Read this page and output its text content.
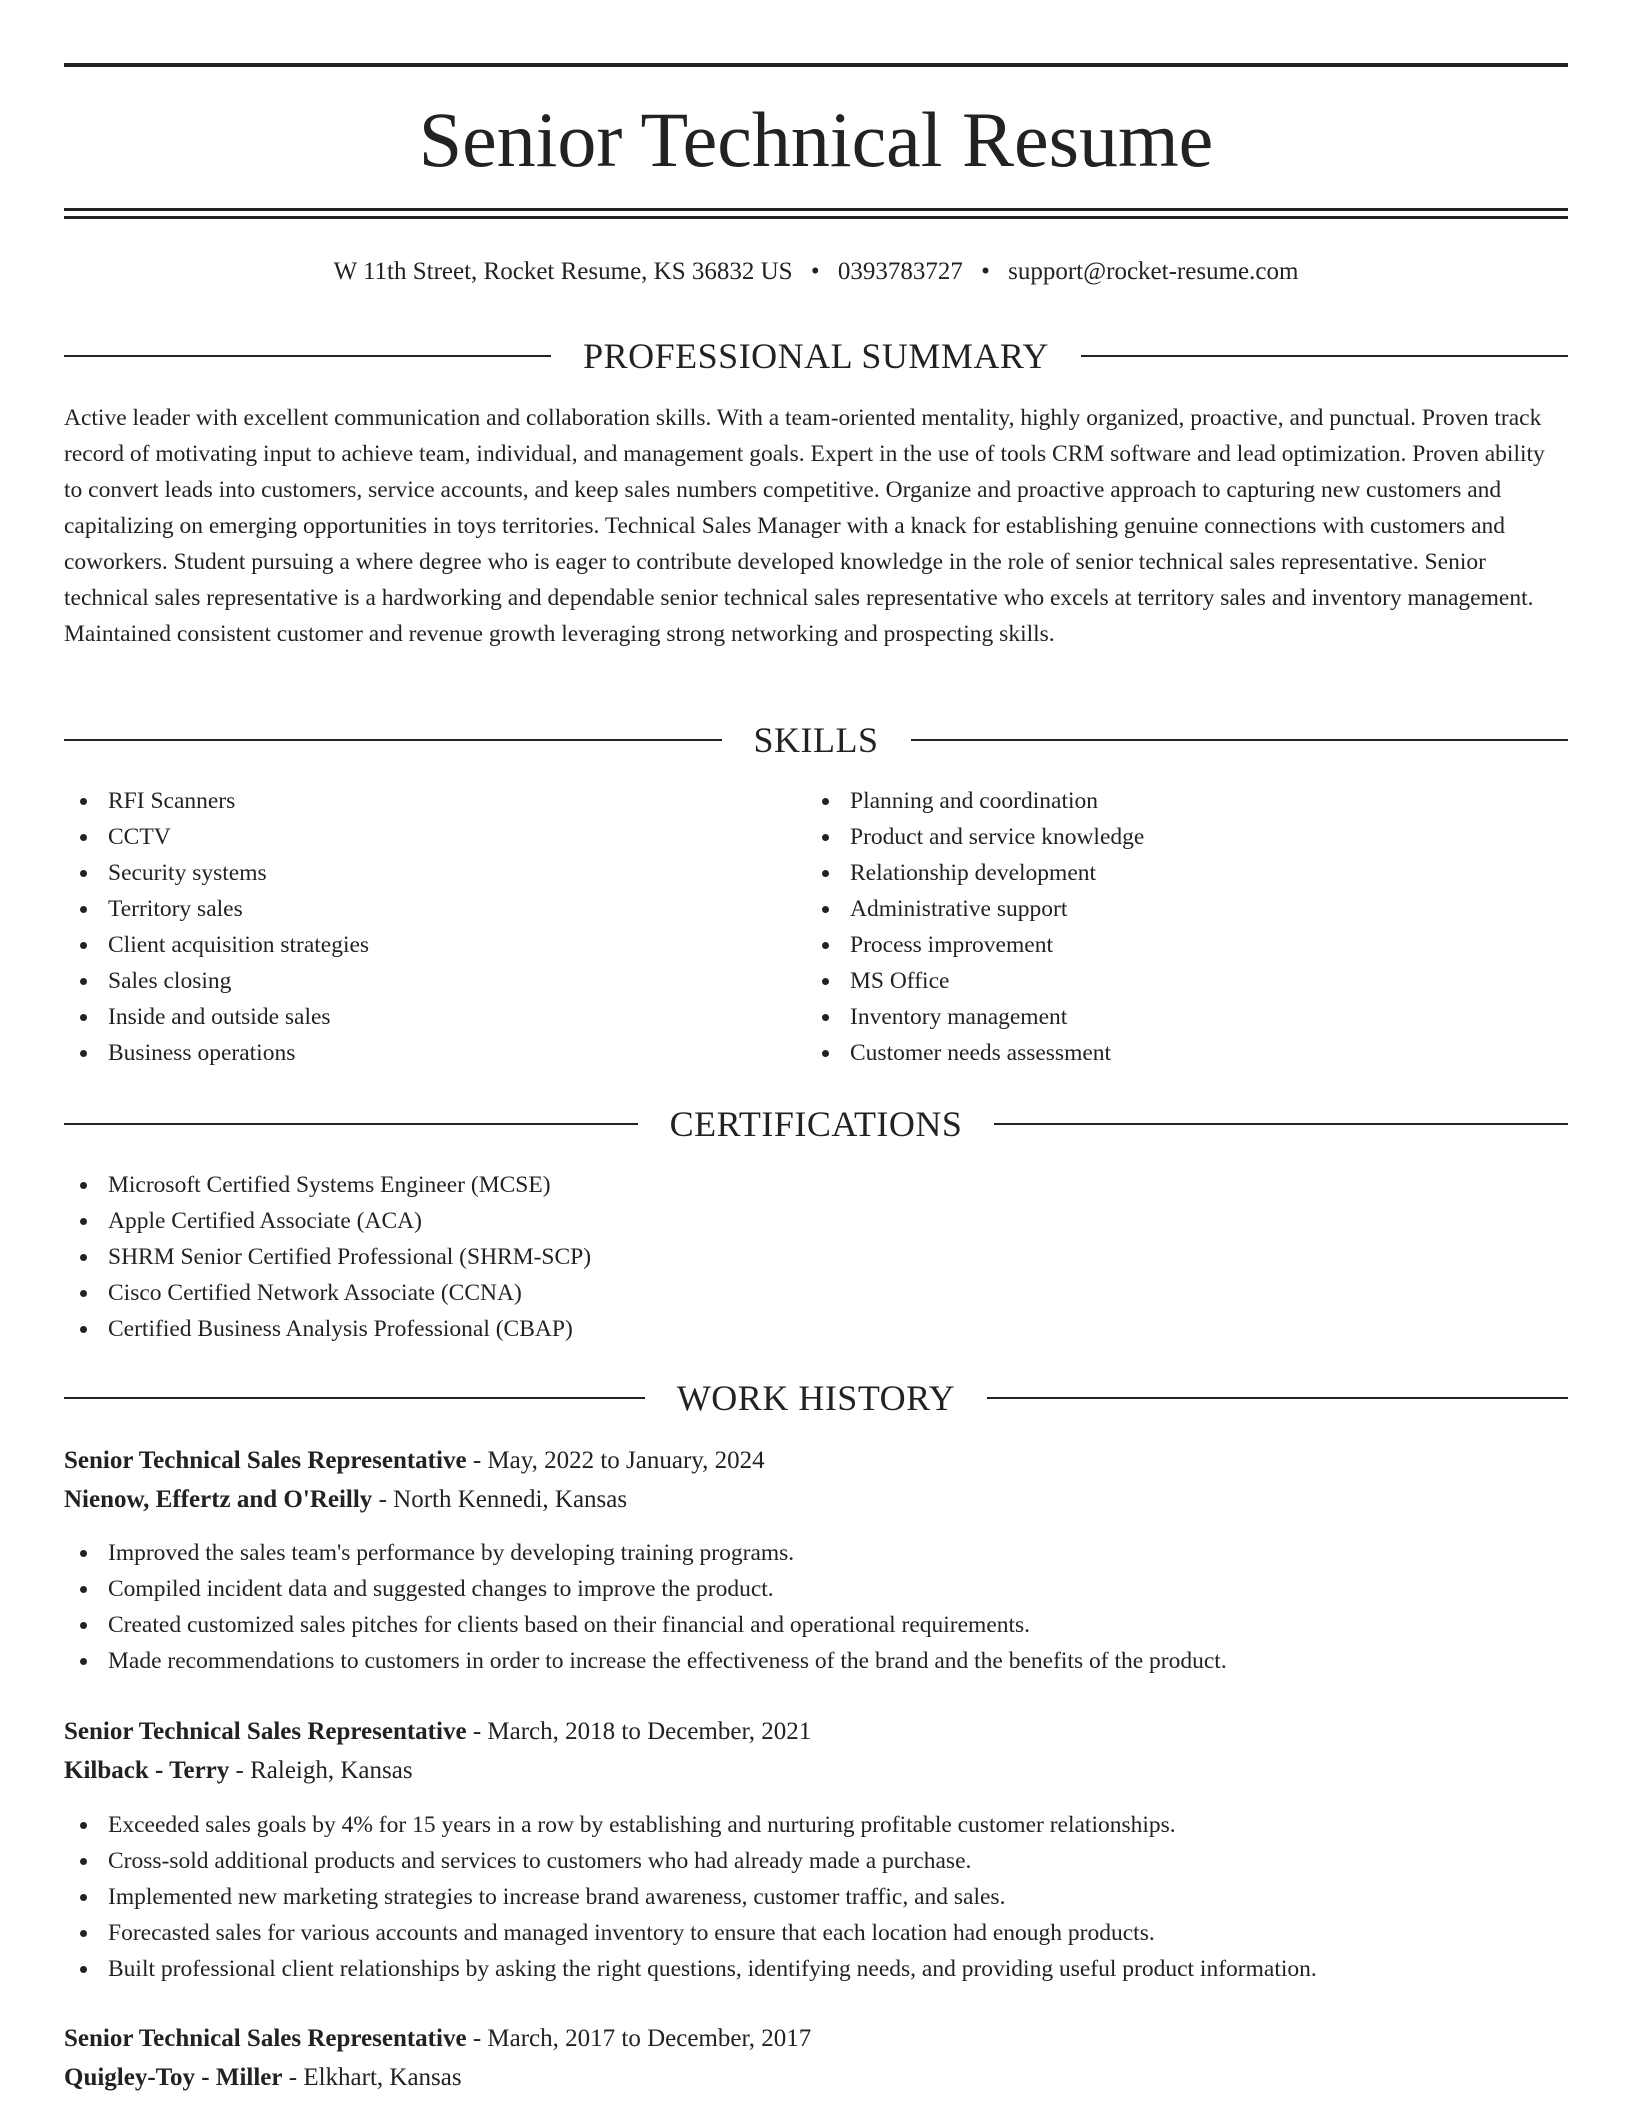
Senior Technical Resume
W 11th Street, Rocket Resume, KS 36832 US • 0393783727 • support@rocket-resume.com
PROFESSIONAL SUMMARY

Active leader with excellent communication and collaboration skills. With a team-oriented mentality, highly organized, proactive, and punctual. Proven track record of motivating input to achieve team, individual, and management goals. Expert in the use of tools CRM software and lead optimization. Proven ability to convert leads into customers, service accounts, and keep sales numbers competitive. Organize and proactive approach to capturing new customers and capitalizing on emerging opportunities in toys territories. Technical Sales Manager with a knack for establishing genuine connections with customers and coworkers. Student pursuing a where degree who is eager to contribute developed knowledge in the role of senior technical sales representative. Senior technical sales representative is a hardworking and dependable senior technical sales representative who excels at territory sales and inventory management. Maintained consistent customer and revenue growth leveraging strong networking and prospecting skills.

SKILLS
RFI Scanners
CCTV
Security systems
Territory sales
Client acquisition strategies
Sales closing
Inside and outside sales
Business operations
Planning and coordination
Product and service knowledge
Relationship development
Administrative support
Process improvement
MS Office
Inventory management
Customer needs assessment
CERTIFICATIONS
Microsoft Certified Systems Engineer (MCSE)
Apple Certified Associate (ACA)
SHRM Senior Certified Professional (SHRM-SCP)
Cisco Certified Network Associate (CCNA)
Certified Business Analysis Professional (CBAP)
WORK HISTORY
Senior Technical Sales Representative - May, 2022 to January, 2024
Nienow, Effertz and O'Reilly - North Kennedi, Kansas
Improved the sales team's performance by developing training programs.
Compiled incident data and suggested changes to improve the product.
Created customized sales pitches for clients based on their financial and operational requirements.
Made recommendations to customers in order to increase the effectiveness of the brand and the benefits of the product.
Senior Technical Sales Representative - March, 2018 to December, 2021
Kilback - Terry - Raleigh, Kansas
Exceeded sales goals by 4% for 15 years in a row by establishing and nurturing profitable customer relationships.
Cross-sold additional products and services to customers who had already made a purchase.
Implemented new marketing strategies to increase brand awareness, customer traffic, and sales.
Forecasted sales for various accounts and managed inventory to ensure that each location had enough products.
Built professional client relationships by asking the right questions, identifying needs, and providing useful product information.
Senior Technical Sales Representative - March, 2017 to December, 2017
Quigley-Toy - Miller - Elkhart, Kansas
